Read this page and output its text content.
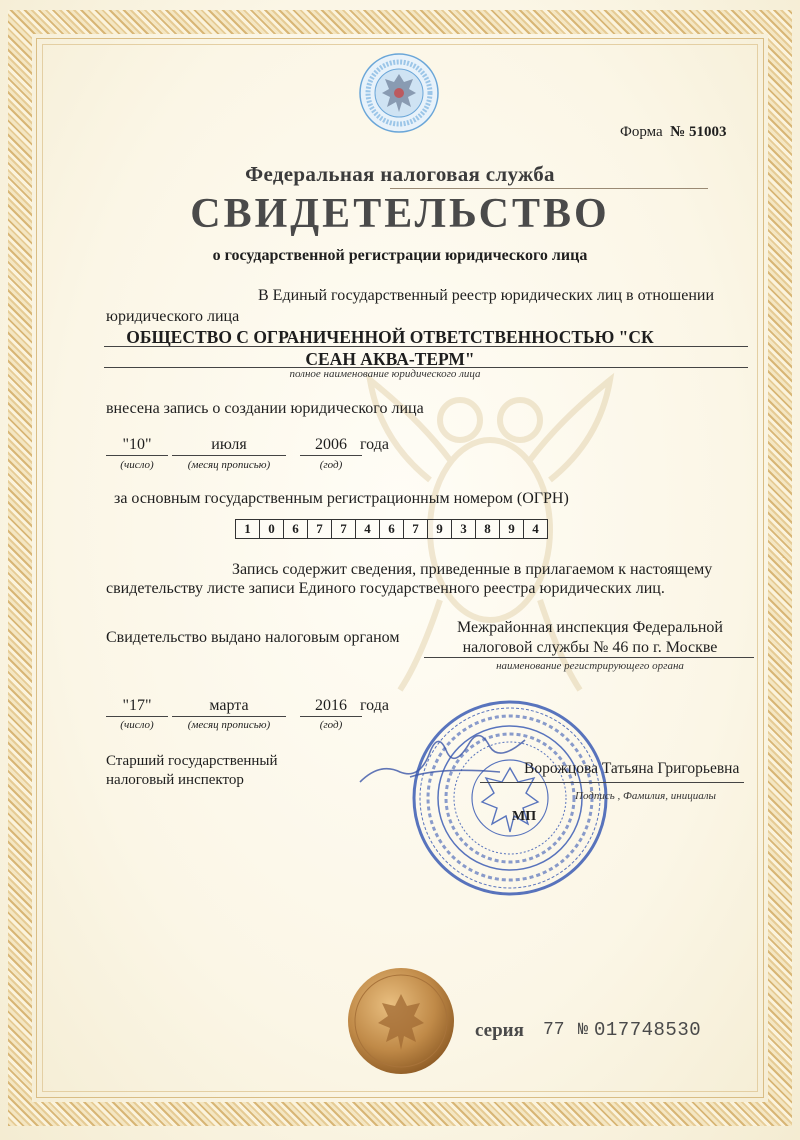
Форма № 51003
Федеральная налоговая служба
СВИДЕТЕЛЬСТВО
о государственной регистрации юридического лица
В Единый государственный реестр юридических лиц в отношении
юридического лица
ОБЩЕСТВО С ОГРАНИЧЕННОЙ ОТВЕТСТВЕННОСТЬЮ "СК СЕАН АКВА-ТЕРМ"
полное наименование юридического лица
внесена запись о создании юридического лица
"10"
(число)
июля
(месяц прописью)
2006
(год)
года
за основным государственным регистрационным номером (ОГРН)
1	0	6	7	7	4	6	7	9	3	8	9	4
Запись содержит сведения, приведенные в прилагаемом к настоящему
свидетельству листе записи Единого государственного реестра юридических лиц.
Свидетельство выдано налоговым органом
Межрайонная инспекция Федеральной
налоговой службы № 46 по г. Москве
наименование регистрирующего органа
"17"
(число)
марта
(месяц прописью)
2016
(год)
года
Старший государственный
налоговый инспектор
Ворожцова Татьяна Григорьевна
Подпись , Фамилия, инициалы
МП
серия 77 № 017748530
